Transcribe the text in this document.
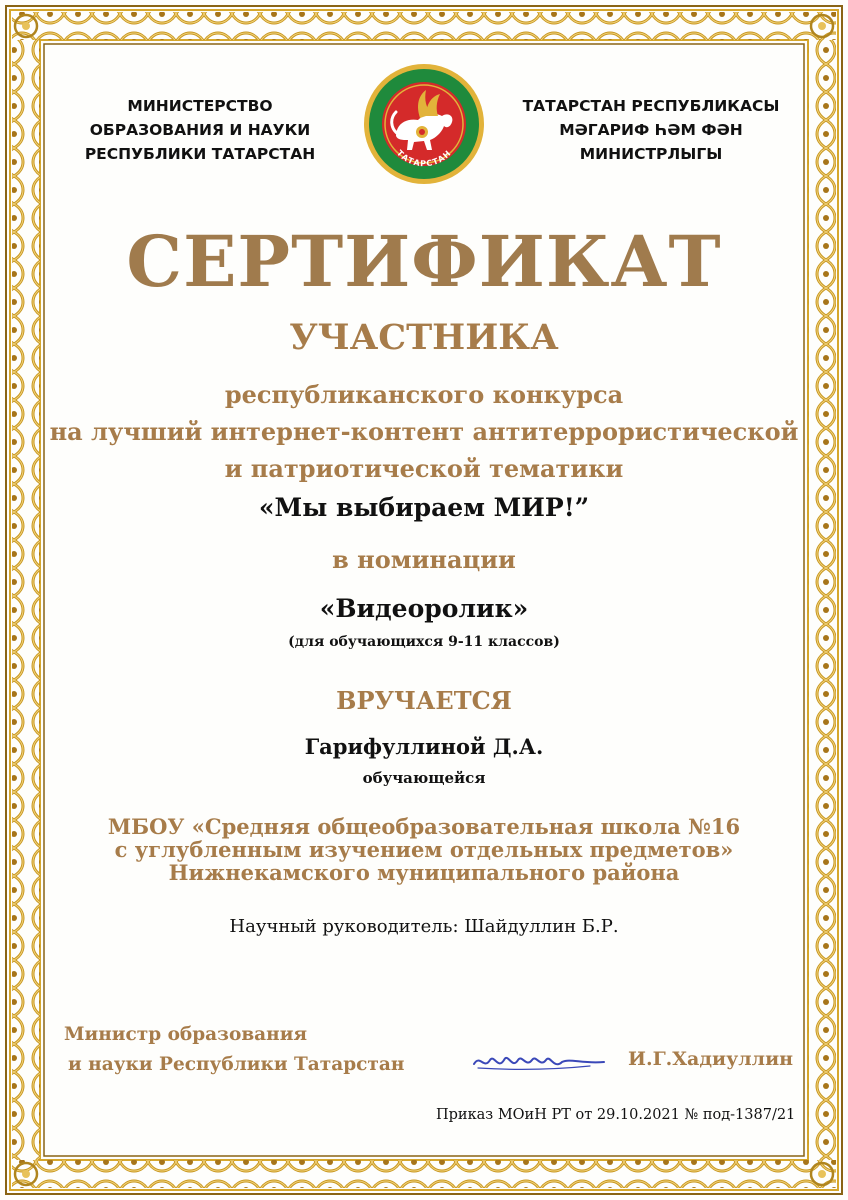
МИНИСТЕРСТВО
ОБРАЗОВАНИЯ И НАУКИ
РЕСПУБЛИКИ ТАТАРСТАН	ТАТАРСТАН
ТАТАРСТАН РЕСПУБЛИКАСЫ
МӘГАРИФ ҺӘМ ФӘН
МИНИСТРЛЫГЫ
СЕРТИФИКАТ
УЧАСТНИКА
республиканского конкурса
на лучший интернет-контент антитеррористической
и патриотической тематики
«Мы выбираем МИР!”
в номинации
«Видеоролик»
(для обучающихся 9-11 классов)
ВРУЧАЕТСЯ
Гарифуллиной Д.А.
обучающейся
МБОУ «Средняя общеобразовательная школа №16
с углубленным изучением отдельных предметов»
Нижнекамского муниципального района
Научный руководитель: Шайдуллин Б.Р.
Министр образования
и науки Республики Татарстан	И.Г.Хадиуллин
Приказ МОиН РТ от 29.10.2021 № под-1387/21
